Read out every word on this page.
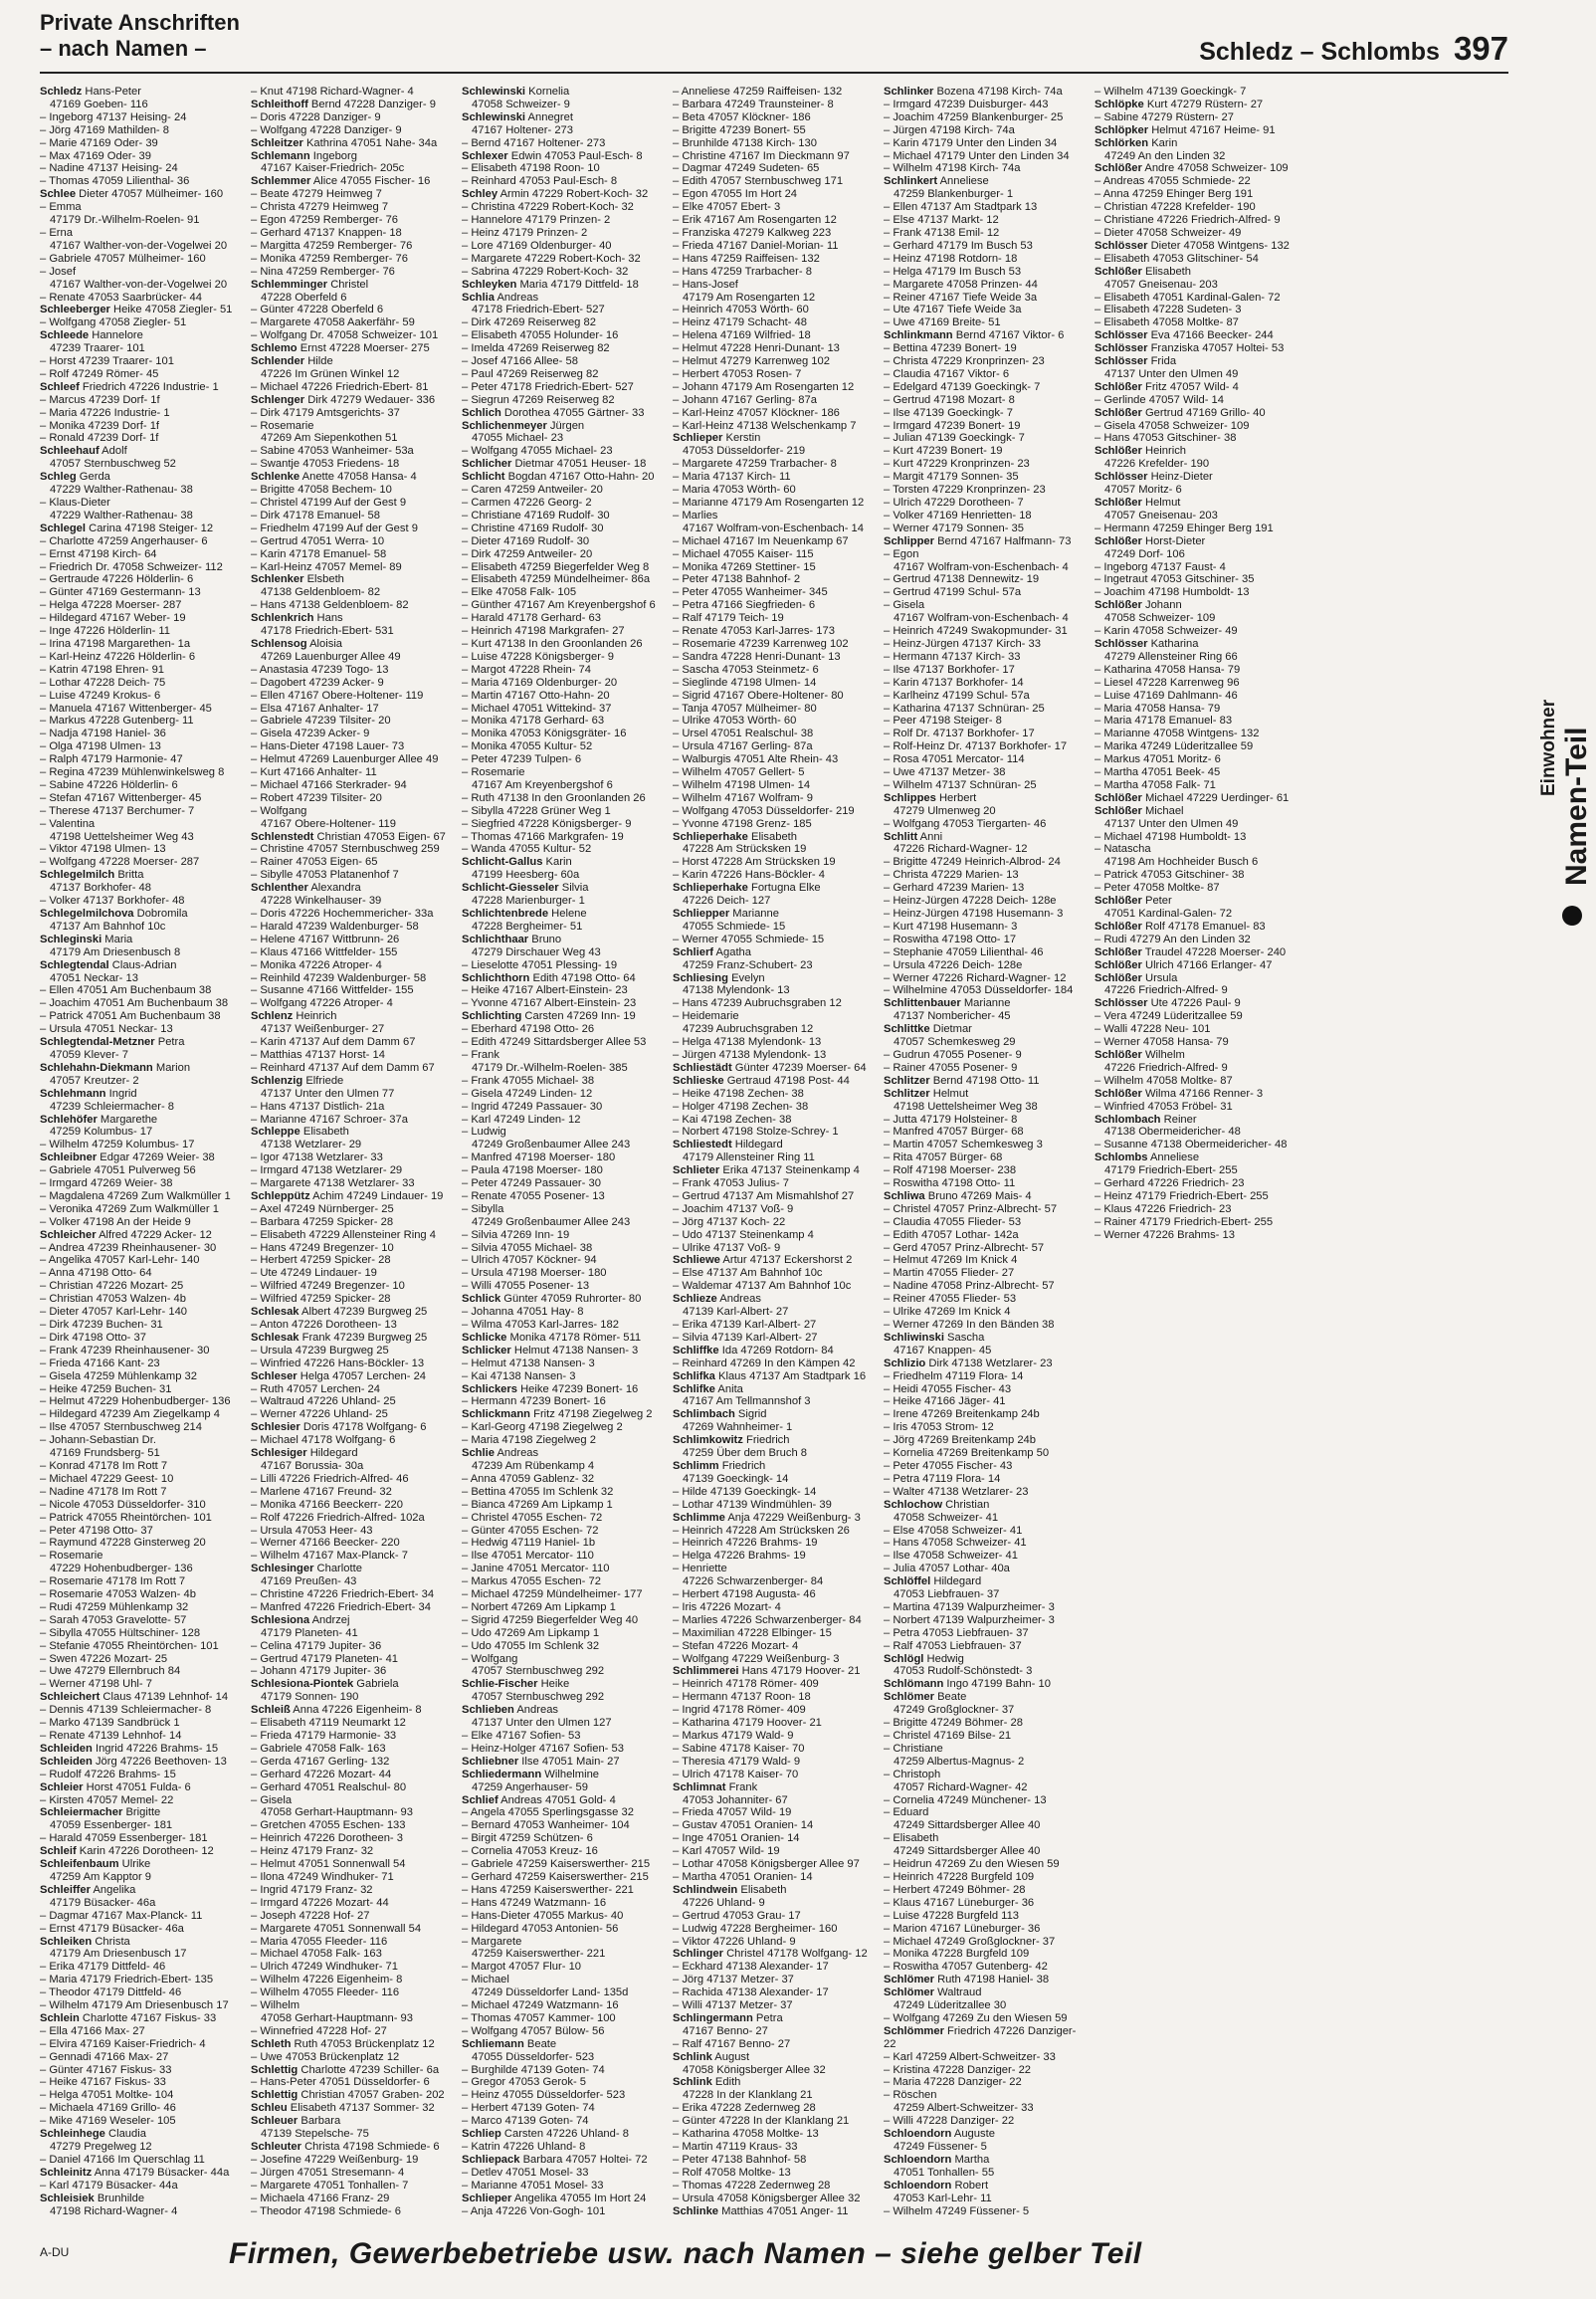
Private Anschriften
– nach Namen –	Schledz – Schlombs 397

Schledz Hans-Peter

47169 Goeben- 116

– Ingeborg 47137 Heising- 24

– Jörg 47169 Mathilden- 8

– Marie 47169 Oder- 39

– Max 47169 Oder- 39

– Nadine 47137 Heising- 24

– Thomas 47059 Lilienthal- 36

Schlee Dieter 47057 Mülheimer- 160

– Emma

47179 Dr.-Wilhelm-Roelen- 91

– Erna

47167 Walther-von-der-Vogelwei 20

– Gabriele 47057 Mülheimer- 160

– Josef

47167 Walther-von-der-Vogelwei 20

– Renate 47053 Saarbrücker- 44

Schleeberger Heike 47058 Ziegler- 51

– Wolfgang 47058 Ziegler- 51

Schleede Hannelore

47239 Traarer- 101

– Horst 47239 Traarer- 101

– Rolf 47249 Römer- 45

Schleef Friedrich 47226 Industrie- 1

– Marcus 47239 Dorf- 1f

– Maria 47226 Industrie- 1

– Monika 47239 Dorf- 1f

– Ronald 47239 Dorf- 1f

Schleehauf Adolf

47057 Sternbuschweg 52

Schleg Gerda

47229 Walther-Rathenau- 38

– Klaus-Dieter

47229 Walther-Rathenau- 38

Schlegel Carina 47198 Steiger- 12

– Charlotte 47259 Angerhauser- 6

– Ernst 47198 Kirch- 64

– Friedrich Dr. 47058 Schweizer- 112

– Gertraude 47226 Hölderlin- 6

– Günter 47169 Gestermann- 13

– Helga 47228 Moerser- 287

– Hildegard 47167 Weber- 19

– Inge 47226 Hölderlin- 11

– Irina 47198 Margarethen- 1a

– Karl-Heinz 47226 Hölderlin- 6

– Katrin 47198 Ehren- 91

– Lothar 47228 Deich- 75

– Luise 47249 Krokus- 6

– Manuela 47167 Wittenberger- 45

– Markus 47228 Gutenberg- 11

– Nadja 47198 Haniel- 36

– Olga 47198 Ulmen- 13

– Ralph 47179 Harmonie- 47

– Regina 47239 Mühlenwinkelsweg 8

– Sabine 47226 Hölderlin- 6

– Stefan 47167 Wittenberger- 45

– Therese 47137 Berchumer- 7

– Valentina

47198 Uettelsheimer Weg 43

– Viktor 47198 Ulmen- 13

– Wolfgang 47228 Moerser- 287

Schlegelmilch Britta

47137 Borkhofer- 48

– Volker 47137 Borkhofer- 48

Schlegelmilchova Dobromila

47137 Am Bahnhof 10c

Schleginski Maria

47179 Am Driesenbusch 8

Schlegtendal Claus-Adrian

47051 Neckar- 13

– Ellen 47051 Am Buchenbaum 38

– Joachim 47051 Am Buchenbaum 38

– Patrick 47051 Am Buchenbaum 38

– Ursula 47051 Neckar- 13

Schlegtendal-Metzner Petra

47059 Klever- 7

Schlehahn-Diekmann Marion

47057 Kreutzer- 2

Schlehmann Ingrid

47239 Schleiermacher- 8

Schlehöfer Margarethe

47259 Kolumbus- 17

– Wilhelm 47259 Kolumbus- 17

Schleibner Edgar 47269 Weier- 38

– Gabriele 47051 Pulverweg 56

– Irmgard 47269 Weier- 38

– Magdalena 47269 Zum Walkmüller 1

– Veronika 47269 Zum Walkmüller 1

– Volker 47198 An der Heide 9

Schleicher Alfred 47229 Acker- 12

– Andrea 47239 Rheinhausener- 30

– Angelika 47057 Karl-Lehr- 140

– Anna 47198 Otto- 64

– Christian 47226 Mozart- 25

– Christian 47053 Walzen- 4b

– Dieter 47057 Karl-Lehr- 140

– Dirk 47239 Buchen- 31

– Dirk 47198 Otto- 37

– Frank 47239 Rheinhausener- 30

– Frieda 47166 Kant- 23

– Gisela 47259 Mühlenkamp 32

– Heike 47259 Buchen- 31

– Helmut 47229 Hohenbudberger- 136

– Hildegard 47239 Am Ziegelkamp 4

– Ilse 47057 Sternbuschweg 214

– Johann-Sebastian Dr.

47169 Frundsberg- 51

– Konrad 47178 Im Rott 7

– Michael 47229 Geest- 10

– Nadine 47178 Im Rott 7

– Nicole 47053 Düsseldorfer- 310

– Patrick 47055 Rheintörchen- 101

– Peter 47198 Otto- 37

– Raymund 47228 Ginsterweg 20

– Rosemarie

47229 Hohenbudberger- 136

– Rosemarie 47178 Im Rott 7

– Rosemarie 47053 Walzen- 4b

– Rudi 47259 Mühlenkamp 32

– Sarah 47053 Gravelotte- 57

– Sibylla 47055 Hültschiner- 128

– Stefanie 47055 Rheintörchen- 101

– Swen 47226 Mozart- 25

– Uwe 47279 Ellernbruch 84

– Werner 47198 Uhl- 7

Schleichert Claus 47139 Lehnhof- 14

– Dennis 47139 Schleiermacher- 8

– Marko 47139 Sandbrück 1

– Renate 47139 Lehnhof- 14

Schleiden Ingrid 47226 Brahms- 15

Schleiden Jörg 47226 Beethoven- 13

– Rudolf 47226 Brahms- 15

Schleier Horst 47051 Fulda- 6

– Kirsten 47057 Memel- 22

Schleiermacher Brigitte

47059 Essenberger- 181

– Harald 47059 Essenberger- 181

Schleif Karin 47226 Dorotheen- 12

Schleifenbaum Ulrike

47259 Am Kapptor 9

Schleiffer Angelika

47179 Büsacker- 46a

– Dagmar 47167 Max-Planck- 11

– Ernst 47179 Büsacker- 46a

Schleiken Christa

47179 Am Driesenbusch 17

– Erika 47179 Dittfeld- 46

– Maria 47179 Friedrich-Ebert- 135

– Theodor 47179 Dittfeld- 46

– Wilhelm 47179 Am Driesenbusch 17

Schlein Charlotte 47167 Fiskus- 33

– Ella 47166 Max- 27

– Elvira 47169 Kaiser-Friedrich- 4

– Gennadi 47166 Max- 27

– Günter 47167 Fiskus- 33

– Heike 47167 Fiskus- 33

– Helga 47051 Moltke- 104

– Michaela 47169 Grillo- 46

– Mike 47169 Weseler- 105

Schleinhege Claudia

47279 Pregelweg 12

– Daniel 47166 Im Querschlag 11

Schleinitz Anna 47179 Büsacker- 44a

– Karl 47179 Büsacker- 44a

Schleisiek Brunhilde

47198 Richard-Wagner- 4

– Knut 47198 Richard-Wagner- 4

Schleithoff Bernd 47228 Danziger- 9

– Doris 47228 Danziger- 9

– Wolfgang 47228 Danziger- 9

Schleitzer Kathrina 47051 Nahe- 34a

Schlemann Ingeborg

47167 Kaiser-Friedrich- 205c

Schlemmer Alice 47055 Fischer- 16

– Beate 47279 Heimweg 7

– Christa 47279 Heimweg 7

– Egon 47259 Remberger- 76

– Gerhard 47137 Knappen- 18

– Margitta 47259 Remberger- 76

– Monika 47259 Remberger- 76

– Nina 47259 Remberger- 76

Schlemminger Christel

47228 Oberfeld 6

– Günter 47228 Oberfeld 6

– Margarete 47058 Aakerfähr- 59

– Wolfgang Dr. 47058 Schweizer- 101

Schlemo Ernst 47228 Moerser- 275

Schlender Hilde

47226 Im Grünen Winkel 12

– Michael 47226 Friedrich-Ebert- 81

Schlenger Dirk 47279 Wedauer- 336

– Dirk 47179 Amtsgerichts- 37

– Rosemarie

47269 Am Siepenkothen 51

– Sabine 47053 Wanheimer- 53a

– Swantje 47053 Friedens- 18

Schlenke Anette 47058 Hansa- 4

– Brigitte 47058 Bechem- 10

– Christel 47199 Auf der Gest 9

– Dirk 47178 Emanuel- 58

– Friedhelm 47199 Auf der Gest 9

– Gertrud 47051 Werra- 10

– Karin 47178 Emanuel- 58

– Karl-Heinz 47057 Memel- 89

Schlenker Elsbeth

47138 Geldenbloem- 82

– Hans 47138 Geldenbloem- 82

Schlenkrich Hans

47178 Friedrich-Ebert- 531

Schlensog Aloisia

47269 Lauenburger Allee 49

– Anastasia 47239 Togo- 13

– Dagobert 47239 Acker- 9

– Ellen 47167 Obere-Holtener- 119

– Elsa 47167 Anhalter- 17

– Gabriele 47239 Tilsiter- 20

– Gisela 47239 Acker- 9

– Hans-Dieter 47198 Lauer- 73

– Helmut 47269 Lauenburger Allee 49

– Kurt 47166 Anhalter- 11

– Michael 47166 Sterkrader- 94

– Robert 47239 Tilsiter- 20

– Wolfgang

47167 Obere-Holtener- 119

Schlenstedt Christian 47053 Eigen- 67

– Christine 47057 Sternbuschweg 259

– Rainer 47053 Eigen- 65

– Sibylle 47053 Platanenhof 7

Schlenther Alexandra

47228 Winkelhauser- 39

– Doris 47226 Hochemmericher- 33a

– Harald 47239 Waldenburger- 58

– Helene 47167 Wittbrunn- 26

– Klaus 47166 Wittfelder- 155

– Monika 47226 Atroper- 4

– Reinhild 47239 Waldenburger- 58

– Susanne 47166 Wittfelder- 155

– Wolfgang 47226 Atroper- 4

Schlenz Heinrich

47137 Weißenburger- 27

– Karin 47137 Auf dem Damm 67

– Matthias 47137 Horst- 14

– Reinhard 47137 Auf dem Damm 67

Schlenzig Elfriede

47137 Unter den Ulmen 77

– Hans 47137 Distlich- 21a

– Marianne 47167 Schroer- 37a

Schleppe Elisabeth

47138 Wetzlarer- 29

– Igor 47138 Wetzlarer- 33

– Irmgard 47138 Wetzlarer- 29

– Margarete 47138 Wetzlarer- 33

Schleppütz Achim 47249 Lindauer- 19

– Axel 47249 Nürnberger- 25

– Barbara 47259 Spicker- 28

– Elisabeth 47229 Allensteiner Ring 4

– Hans 47249 Bregenzer- 10

– Herbert 47259 Spicker- 28

– Ute 47249 Lindauer- 19

– Wilfried 47249 Bregenzer- 10

– Wilfried 47259 Spicker- 28

Schlesak Albert 47239 Burgweg 25

– Anton 47226 Dorotheen- 13

Schlesak Frank 47239 Burgweg 25

– Ursula 47239 Burgweg 25

– Winfried 47226 Hans-Böckler- 13

Schleser Helga 47057 Lerchen- 24

– Ruth 47057 Lerchen- 24

– Waltraud 47226 Uhland- 25

– Werner 47226 Uhland- 25

Schlesier Doris 47178 Wolfgang- 6

– Michael 47178 Wolfgang- 6

Schlesiger Hildegard

47167 Borussia- 30a

– Lilli 47226 Friedrich-Alfred- 46

– Marlene 47167 Freund- 32

– Monika 47166 Beeckerr- 220

– Rolf 47226 Friedrich-Alfred- 102a

– Ursula 47053 Heer- 43

– Werner 47166 Beecker- 220

– Wilhelm 47167 Max-Planck- 7

Schlesinger Charlotte

47169 Preußen- 43

– Christine 47226 Friedrich-Ebert- 34

– Manfred 47226 Friedrich-Ebert- 34

Schlesiona Andrzej

47179 Planeten- 41

– Celina 47179 Jupiter- 36

– Gertrud 47179 Planeten- 41

– Johann 47179 Jupiter- 36

Schlesiona-Piontek Gabriela

47179 Sonnen- 190

Schleiß Anna 47226 Eigenheim- 8

– Elisabeth 47119 Neumarkt 12

– Frieda 47179 Harmonie- 33

– Gabriele 47058 Falk- 163

– Gerda 47167 Gerling- 132

– Gerhard 47226 Mozart- 44

– Gerhard 47051 Realschul- 80

– Gisela

47058 Gerhart-Hauptmann- 93

– Gretchen 47055 Eschen- 133

– Heinrich 47226 Dorotheen- 3

– Heinz 47179 Franz- 32

– Helmut 47051 Sonnenwall 54

– Ilona 47249 Windhuker- 71

– Ingrid 47179 Franz- 32

– Irmgard 47226 Mozart- 44

– Joseph 47228 Hof- 27

– Margarete 47051 Sonnenwall 54

– Maria 47055 Fleeder- 116

– Michael 47058 Falk- 163

– Ulrich 47249 Windhuker- 71

– Wilhelm 47226 Eigenheim- 8

– Wilhelm 47055 Fleeder- 116

– Wilhelm

47058 Gerhart-Hauptmann- 93

– Winnefried 47228 Hof- 27

Schleth Ruth 47053 Brückenplatz 12

– Uwe 47053 Brückenplatz 12

Schlettig Charlotte 47239 Schiller- 6a

– Hans-Peter 47051 Düsseldorfer- 6

Schlettig Christian 47057 Graben- 202

Schleu Elisabeth 47137 Sommer- 32

Schleuer Barbara

47139 Stepelsche- 75

Schleuter Christa 47198 Schmiede- 6

– Josefine 47229 Weißenburg- 19

– Jürgen 47051 Stresemann- 4

– Margarete 47051 Tonhallen- 7

– Michaela 47166 Franz- 29

– Theodor 47198 Schmiede- 6

Schlewinski Kornelia

47058 Schweizer- 9

Schlewinski Annegret

47167 Holtener- 273

– Bernd 47167 Holtener- 273

Schlexer Edwin 47053 Paul-Esch- 8

– Elisabeth 47198 Roon- 10

– Reinhard 47053 Paul-Esch- 8

Schley Armin 47229 Robert-Koch- 32

– Christina 47229 Robert-Koch- 32

– Hannelore 47179 Prinzen- 2

– Heinz 47179 Prinzen- 2

– Lore 47169 Oldenburger- 40

– Margarete 47229 Robert-Koch- 32

– Sabrina 47229 Robert-Koch- 32

Schleyken Maria 47179 Dittfeld- 18

Schlia Andreas

47178 Friedrich-Ebert- 527

– Dirk 47269 Reiserweg 82

– Elisabeth 47055 Holunder- 16

– Imelda 47269 Reiserweg 82

– Josef 47166 Allee- 58

– Paul 47269 Reiserweg 82

– Peter 47178 Friedrich-Ebert- 527

– Siegrun 47269 Reiserweg 82

Schlich Dorothea 47055 Gärtner- 33

Schlichenmeyer Jürgen

47055 Michael- 23

– Wolfgang 47055 Michael- 23

Schlicher Dietmar 47051 Heuser- 18

Schlicht Bogdan 47167 Otto-Hahn- 20

– Caren 47259 Antweiler- 20

– Carmen 47226 Georg- 2

– Christiane 47169 Rudolf- 30

– Christine 47169 Rudolf- 30

– Dieter 47169 Rudolf- 30

– Dirk 47259 Antweiler- 20

– Elisabeth 47259 Biegerfelder Weg 8

– Elisabeth 47259 Mündelheimer- 86a

– Elke 47058 Falk- 105

– Günther 47167 Am Kreyenbergshof 6

– Harald 47178 Gerhard- 63

– Heinrich 47198 Markgrafen- 27

– Kurt 47138 In den Groonlanden 26

– Luise 47228 Königsberger- 9

– Margot 47228 Rhein- 74

– Maria 47169 Oldenburger- 20

– Martin 47167 Otto-Hahn- 20

– Michael 47051 Wittekind- 37

– Monika 47178 Gerhard- 63

– Monika 47053 Königsgräter- 16

– Monika 47055 Kultur- 52

– Peter 47239 Tulpen- 6

– Rosemarie

47167 Am Kreyenbergshof 6

– Ruth 47138 In den Groonlanden 26

– Sibylla 47228 Grüner Weg 1

– Siegfried 47228 Königsberger- 9

– Thomas 47166 Markgrafen- 19

– Wanda 47055 Kultur- 52

Schlicht-Gallus Karin

47199 Heesberg- 60a

Schlicht-Giesseler Silvia

47228 Marienburger- 1

Schlichtenbrede Helene

47228 Bergheimer- 51

Schlichthaar Bruno

47279 Dirschauer Weg 43

– Lieselotte 47051 Plessing- 19

Schlichthorn Edith 47198 Otto- 64

– Heike 47167 Albert-Einstein- 23

– Yvonne 47167 Albert-Einstein- 23

Schlichting Carsten 47269 Inn- 19

– Eberhard 47198 Otto- 26

– Edith 47249 Sittardsberger Allee 53

– Frank

47179 Dr.-Wilhelm-Roelen- 385

– Frank 47055 Michael- 38

– Gisela 47249 Linden- 12

– Ingrid 47249 Passauer- 30

– Karl 47249 Linden- 12

– Ludwig

47249 Großenbaumer Allee 243

– Manfred 47198 Moerser- 180

– Paula 47198 Moerser- 180

– Peter 47249 Passauer- 30

– Renate 47055 Posener- 13

– Sibylla

47249 Großenbaumer Allee 243

– Silvia 47269 Inn- 19

– Silvia 47055 Michael- 38

– Ulrich 47057 Köckner- 94

– Ursula 47198 Moerser- 180

– Willi 47055 Posener- 13

Schlick Günter 47059 Ruhrorter- 80

– Johanna 47051 Hay- 8

– Wilma 47053 Karl-Jarres- 182

Schlicke Monika 47178 Römer- 511

Schlicker Helmut 47138 Nansen- 3

– Helmut 47138 Nansen- 3

– Kai 47138 Nansen- 3

Schlickers Heike 47239 Bonert- 16

– Hermann 47239 Bonert- 16

Schlickmann Fritz 47198 Ziegelweg 2

– Karl-Georg 47198 Ziegelweg 2

– Maria 47198 Ziegelweg 2

Schlie Andreas

47239 Am Rübenkamp 4

– Anna 47059 Gablenz- 32

– Bettina 47055 Im Schlenk 32

– Bianca 47269 Am Lipkamp 1

– Christel 47055 Eschen- 72

– Günter 47055 Eschen- 72

– Hedwig 47119 Haniel- 1b

– Ilse 47051 Mercator- 110

– Janine 47051 Mercator- 110

– Markus 47055 Eschen- 72

– Michael 47259 Mündelheimer- 177

– Norbert 47269 Am Lipkamp 1

– Sigrid 47259 Biegerfelder Weg 40

– Udo 47269 Am Lipkamp 1

– Udo 47055 Im Schlenk 32

– Wolfgang

47057 Sternbuschweg 292

Schlie-Fischer Heike

47057 Sternbuschweg 292

Schlieben Andreas

47137 Unter den Ulmen 127

– Elke 47167 Sofien- 53

– Heinz-Holger 47167 Sofien- 53

Schliebner Ilse 47051 Main- 27

Schliedermann Wilhelmine

47259 Angerhauser- 59

Schlief Andreas 47051 Gold- 4

– Angela 47055 Sperlingsgasse 32

– Bernard 47053 Wanheimer- 104

– Birgit 47259 Schützen- 6

– Cornelia 47053 Kreuz- 16

– Gabriele 47259 Kaiserswerther- 215

– Gerhard 47259 Kaiserswerther- 215

– Hans 47259 Kaiserswerther- 221

– Hans 47249 Watzmann- 16

– Hans-Dieter 47055 Markus- 40

– Hildegard 47053 Antonien- 56

– Margarete

47259 Kaiserswerther- 221

– Margot 47057 Flur- 10

– Michael

47249 Düsseldorfer Land- 135d

– Michael 47249 Watzmann- 16

– Thomas 47057 Kammer- 100

– Wolfgang 47057 Bülow- 56

Schliemann Beate

47055 Düsseldorfer- 523

– Burghilde 47139 Goten- 74

– Gregor 47053 Gerok- 5

– Heinz 47055 Düsseldorfer- 523

– Herbert 47139 Goten- 74

– Marco 47139 Goten- 74

Schliep Carsten 47226 Uhland- 8

– Katrin 47226 Uhland- 8

Schliepack Barbara 47057 Holtei- 72

– Detlev 47051 Mosel- 33

– Marianne 47051 Mosel- 33

Schlieper Angelika 47055 Im Hort 24

– Anja 47226 Von-Gogh- 101

– Anneliese 47259 Raiffeisen- 132

– Barbara 47249 Traunsteiner- 8

– Beta 47057 Klöckner- 186

– Brigitte 47239 Bonert- 55

– Brunhilde 47138 Kirch- 130

– Christine 47167 Im Dieckmann 97

– Dagmar 47249 Sudeten- 65

– Edith 47057 Sternbuschweg 171

– Egon 47055 Im Hort 24

– Elke 47057 Ebert- 3

– Erik 47167 Am Rosengarten 12

– Franziska 47279 Kalkweg 223

– Frieda 47167 Daniel-Morian- 11

– Hans 47259 Raiffeisen- 132

– Hans 47259 Trarbacher- 8

– Hans-Josef

47179 Am Rosengarten 12

– Heinrich 47053 Wörth- 60

– Heinz 47179 Schacht- 48

– Helena 47169 Wilfried- 18

– Helmut 47228 Henri-Dunant- 13

– Helmut 47279 Karrenweg 102

– Herbert 47053 Rosen- 7

– Johann 47179 Am Rosengarten 12

– Johann 47167 Gerling- 87a

– Karl-Heinz 47057 Klöckner- 186

– Karl-Heinz 47138 Welschenkamp 7

Schlieper Kerstin

47053 Düsseldorfer- 219

– Margarete 47259 Trarbacher- 8

– Maria 47137 Kirch- 11

– Maria 47053 Wörth- 60

– Marianne 47179 Am Rosengarten 12

– Marlies

47167 Wolfram-von-Eschenbach- 14

– Michael 47167 Im Neuenkamp 67

– Michael 47055 Kaiser- 115

– Monika 47269 Stettiner- 15

– Peter 47138 Bahnhof- 2

– Peter 47055 Wanheimer- 345

– Petra 47166 Siegfrieden- 6

– Ralf 47179 Teich- 19

– Renate 47053 Karl-Jarres- 173

– Rosemarie 47239 Karrenweg 102

– Sandra 47228 Henri-Dunant- 13

– Sascha 47053 Steinmetz- 6

– Sieglinde 47198 Ulmen- 14

– Sigrid 47167 Obere-Holtener- 80

– Tanja 47057 Mülheimer- 80

– Ulrike 47053 Wörth- 60

– Ursel 47051 Realschul- 38

– Ursula 47167 Gerling- 87a

– Walburgis 47051 Alte Rhein- 43

– Wilhelm 47057 Gellert- 5

– Wilhelm 47198 Ulmen- 14

– Wilhelm 47167 Wolfram- 9

– Wolfgang 47053 Düsseldorfer- 219

– Yvonne 47198 Grenz- 185

Schlieperhake Elisabeth

47228 Am Strücksken 19

– Horst 47228 Am Strücksken 19

– Karin 47226 Hans-Böckler- 4

Schlieperhake Fortugna Elke

47226 Deich- 127

Schliepper Marianne

47055 Schmiede- 15

– Werner 47055 Schmiede- 15

Schlierf Agatha

47259 Franz-Schubert- 23

Schliesing Evelyn

47138 Mylendonk- 13

– Hans 47239 Aubruchsgraben 12

– Heidemarie

47239 Aubruchsgraben 12

– Helga 47138 Mylendonk- 13

– Jürgen 47138 Mylendonk- 13

Schliestädt Günter 47239 Moerser- 64

Schlieske Gertraud 47198 Post- 44

– Heike 47198 Zechen- 38

– Holger 47198 Zechen- 38

– Kai 47198 Zechen- 38

– Norbert 47198 Stolze-Schrey- 1

Schliestedt Hildegard

47179 Allensteiner Ring 11

Schlieter Erika 47137 Steinenkamp 4

– Frank 47053 Julius- 7

– Gertrud 47137 Am Mismahlshof 27

– Joachim 47137 Voß- 9

– Jörg 47137 Koch- 22

– Udo 47137 Steinenkamp 4

– Ulrike 47137 Voß- 9

Schliewe Artur 47137 Eckershorst 2

– Else 47137 Am Bahnhof 10c

– Waldemar 47137 Am Bahnhof 10c

Schlieze Andreas

47139 Karl-Albert- 27

– Erika 47139 Karl-Albert- 27

– Silvia 47139 Karl-Albert- 27

Schliffke Ida 47269 Rotdorn- 84

– Reinhard 47269 In den Kämpen 42

Schlifka Klaus 47137 Am Stadtpark 16

Schlifke Anita

47167 Am Tellmannshof 3

Schlimbach Sigrid

47269 Wahnheimer- 1

Schlimkowitz Friedrich

47259 Über dem Bruch 8

Schlimm Friedrich

47139 Goeckingk- 14

– Hilde 47139 Goeckingk- 14

– Lothar 47139 Windmühlen- 39

Schlimme Anja 47229 Weißenburg- 3

– Heinrich 47228 Am Strücksken 26

– Heinrich 47226 Brahms- 19

– Helga 47226 Brahms- 19

– Henriette

47226 Schwarzenberger- 84

– Herbert 47198 Augusta- 46

– Iris 47226 Mozart- 4

– Marlies 47226 Schwarzenberger- 84

– Maximilian 47228 Elbinger- 15

– Stefan 47226 Mozart- 4

– Wolfgang 47229 Weißenburg- 3

Schlimmerei Hans 47179 Hoover- 21

– Heinrich 47178 Römer- 409

– Hermann 47137 Roon- 18

– Ingrid 47178 Römer- 409

– Katharina 47179 Hoover- 21

– Markus 47179 Wald- 9

– Sabine 47178 Kaiser- 70

– Theresia 47179 Wald- 9

– Ulrich 47178 Kaiser- 70

Schlimnat Frank

47053 Johanniter- 67

– Frieda 47057 Wild- 19

– Gustav 47051 Oranien- 14

– Inge 47051 Oranien- 14

– Karl 47057 Wild- 19

– Lothar 47058 Königsberger Allee 97

– Martha 47051 Oranien- 14

Schlindwein Elisabeth

47226 Uhland- 9

– Gertrud 47053 Grau- 17

– Ludwig 47228 Bergheimer- 160

– Viktor 47226 Uhland- 9

Schlinger Christel 47178 Wolfgang- 12

– Eckhard 47138 Alexander- 17

– Jörg 47137 Metzer- 37

– Rachida 47138 Alexander- 17

– Willi 47137 Metzer- 37

Schlingermann Petra

47167 Benno- 27

– Ralf 47167 Benno- 27

Schlink August

47058 Königsberger Allee 32

Schlink Edith

47228 In der Klanklang 21

– Erika 47228 Zedernweg 28

– Günter 47228 In der Klanklang 21

– Katharina 47058 Moltke- 13

– Martin 47119 Kraus- 33

– Peter 47138 Bahnhof- 58

– Rolf 47058 Moltke- 13

– Thomas 47228 Zedernweg 28

– Ursula 47058 Königsberger Allee 32

Schlinke Matthias 47051 Anger- 11

Schlinker Bozena 47198 Kirch- 74a

– Irmgard 47239 Duisburger- 443

– Joachim 47259 Blankenburger- 25

– Jürgen 47198 Kirch- 74a

– Karin 47179 Unter den Linden 34

– Michael 47179 Unter den Linden 34

– Wilhelm 47198 Kirch- 74a

Schlinkert Anneliese

47259 Blankenburger- 1

– Ellen 47137 Am Stadtpark 13

– Else 47137 Markt- 12

– Frank 47138 Emil- 12

– Gerhard 47179 Im Busch 53

– Heinz 47198 Rotdorn- 18

– Helga 47179 Im Busch 53

– Margarete 47058 Prinzen- 44

– Reiner 47167 Tiefe Weide 3a

– Ute 47167 Tiefe Weide 3a

– Uwe 47169 Breite- 51

Schlinkmann Bernd 47167 Viktor- 6

– Bettina 47239 Bonert- 19

– Christa 47229 Kronprinzen- 23

– Claudia 47167 Viktor- 6

– Edelgard 47139 Goeckingk- 7

– Gertrud 47198 Mozart- 8

– Ilse 47139 Goeckingk- 7

– Irmgard 47239 Bonert- 19

– Julian 47139 Goeckingk- 7

– Kurt 47239 Bonert- 19

– Kurt 47229 Kronprinzen- 23

– Margit 47179 Sonnen- 35

– Torsten 47229 Kronprinzen- 23

– Ulrich 47229 Dorotheen- 7

– Volker 47169 Henrietten- 18

– Werner 47179 Sonnen- 35

Schlipper Bernd 47167 Halfmann- 73

– Egon

47167 Wolfram-von-Eschenbach- 4

– Gertrud 47138 Dennewitz- 19

– Gertrud 47199 Schul- 57a

– Gisela

47167 Wolfram-von-Eschenbach- 4

– Heinrich 47249 Swakopmunder- 31

– Heinz-Jürgen 47137 Kirch- 33

– Hermann 47137 Kirch- 33

– Ilse 47137 Borkhofer- 17

– Karin 47137 Borkhofer- 14

– Karlheinz 47199 Schul- 57a

– Katharina 47137 Schnüran- 25

– Peer 47198 Steiger- 8

– Rolf Dr. 47137 Borkhofer- 17

– Rolf-Heinz Dr. 47137 Borkhofer- 17

– Rosa 47051 Mercator- 114

– Uwe 47137 Metzer- 38

– Wilhelm 47137 Schnüran- 25

Schlippes Herbert

47279 Ulmenweg 20

– Wolfgang 47053 Tiergarten- 46

Schlitt Anni

47226 Richard-Wagner- 12

– Brigitte 47249 Heinrich-Albrod- 24

– Christa 47229 Marien- 13

– Gerhard 47239 Marien- 13

– Heinz-Jürgen 47228 Deich- 128e

– Heinz-Jürgen 47198 Husemann- 3

– Kurt 47198 Husemann- 3

– Roswitha 47198 Otto- 17

– Stephanie 47059 Lilienthal- 46

– Ursula 47226 Deich- 128e

– Werner 47226 Richard-Wagner- 12

– Wilhelmine 47053 Düsseldorfer- 184

Schlittenbauer Marianne

47137 Nombericher- 45

Schlittke Dietmar

47057 Schemkesweg 29

– Gudrun 47055 Posener- 9

– Rainer 47055 Posener- 9

Schlitzer Bernd 47198 Otto- 11

Schlitzer Helmut

47198 Uettelsheimer Weg 38

– Jutta 47179 Holsteiner- 8

– Manfred 47057 Bürger- 68

– Martin 47057 Schemkesweg 3

– Rita 47057 Bürger- 68

– Rolf 47198 Moerser- 238

– Roswitha 47198 Otto- 11

Schliwa Bruno 47269 Mais- 4

– Christel 47057 Prinz-Albrecht- 57

– Claudia 47055 Flieder- 53

– Edith 47057 Lothar- 142a

– Gerd 47057 Prinz-Albrecht- 57

– Helmut 47269 Im Knick 4

– Martin 47055 Flieder- 27

– Nadine 47058 Prinz-Albrecht- 57

– Reiner 47055 Flieder- 53

– Ulrike 47269 Im Knick 4

– Werner 47269 In den Bänden 38

Schliwinski Sascha

47167 Knappen- 45

Schlizio Dirk 47138 Wetzlarer- 23

– Friedhelm 47119 Flora- 14

– Heidi 47055 Fischer- 43

– Heike 47166 Jäger- 41

– Irene 47269 Breitenkamp 24b

– Iris 47053 Strom- 12

– Jörg 47269 Breitenkamp 24b

– Kornelia 47269 Breitenkamp 50

– Peter 47055 Fischer- 43

– Petra 47119 Flora- 14

– Walter 47138 Wetzlarer- 23

Schlochow Christian

47058 Schweizer- 41

– Else 47058 Schweizer- 41

– Hans 47058 Schweizer- 41

– Ilse 47058 Schweizer- 41

– Julia 47057 Lothar- 40a

Schlöffel Hildegard

47053 Liebfrauen- 37

– Martina 47139 Walpurzheimer- 3

– Norbert 47139 Walpurzheimer- 3

– Petra 47053 Liebfrauen- 37

– Ralf 47053 Liebfrauen- 37

Schlögl Hedwig

47053 Rudolf-Schönstedt- 3

Schlömann Ingo 47199 Bahn- 10

Schlömer Beate

47249 Großglockner- 37

– Brigitte 47249 Böhmer- 28

– Christel 47169 Bilse- 21

– Christiane

47259 Albertus-Magnus- 2

– Christoph

47057 Richard-Wagner- 42

– Cornelia 47249 Münchener- 13

– Eduard

47249 Sittardsberger Allee 40

– Elisabeth

47249 Sittardsberger Allee 40

– Heidrun 47269 Zu den Wiesen 59

– Heinrich 47228 Burgfeld 109

– Herbert 47249 Böhmer- 28

– Klaus 47167 Lüneburger- 36

– Luise 47228 Burgfeld 113

– Marion 47167 Lüneburger- 36

– Michael 47249 Großglockner- 37

– Monika 47228 Burgfeld 109

– Roswitha 47057 Gutenberg- 42

Schlömer Ruth 47198 Haniel- 38

Schlömer Waltraud

47249 Lüderitzallee 30

– Wolfgang 47269 Zu den Wiesen 59

Schlömmer Friedrich 47226 Danziger- 22

– Karl 47259 Albert-Schweitzer- 33

– Kristina 47228 Danziger- 22

– Maria 47228 Danziger- 22

– Röschen

47259 Albert-Schweitzer- 33

– Willi 47228 Danziger- 22

Schloendorn Auguste

47249 Füssener- 5

Schloendorn Martha

47051 Tonhallen- 55

Schloendorn Robert

47053 Karl-Lehr- 11

– Wilhelm 47249 Füssener- 5

– Wilhelm 47139 Goeckingk- 7

Schlöpke Kurt 47279 Rüstern- 27

– Sabine 47279 Rüstern- 27

Schlöpker Helmut 47167 Heime- 91

Schlörken Karin

47249 An den Linden 32

Schlößer Andre 47058 Schweizer- 109

– Andreas 47055 Schmiede- 22

– Anna 47259 Ehinger Berg 191

– Christian 47228 Krefelder- 190

– Christiane 47226 Friedrich-Alfred- 9

– Dieter 47058 Schweizer- 49

Schlösser Dieter 47058 Wintgens- 132

– Elisabeth 47053 Glitschiner- 54

Schlößer Elisabeth

47057 Gneisenau- 203

– Elisabeth 47051 Kardinal-Galen- 72

– Elisabeth 47228 Sudeten- 3

– Elisabeth 47058 Moltke- 87

Schlösser Eva 47166 Beecker- 244

Schlösser Franziska 47057 Holtei- 53

Schlösser Frida

47137 Unter den Ulmen 49

Schlößer Fritz 47057 Wild- 4

– Gerlinde 47057 Wild- 14

Schlößer Gertrud 47169 Grillo- 40

– Gisela 47058 Schweizer- 109

– Hans 47053 Gitschiner- 38

Schlößer Heinrich

47226 Krefelder- 190

Schlösser Heinz-Dieter

47057 Moritz- 6

Schlößer Helmut

47057 Gneisenau- 203

– Hermann 47259 Ehinger Berg 191

Schlößer Horst-Dieter

47249 Dorf- 106

– Ingeborg 47137 Faust- 4

– Ingetraut 47053 Gitschiner- 35

– Joachim 47198 Humboldt- 13

Schlößer Johann

47058 Schweizer- 109

– Karin 47058 Schweizer- 49

Schlösser Katharina

47279 Allensteiner Ring 66

– Katharina 47058 Hansa- 79

– Liesel 47228 Karrenweg 96

– Luise 47169 Dahlmann- 46

– Maria 47058 Hansa- 79

– Maria 47178 Emanuel- 83

– Marianne 47058 Wintgens- 132

– Marika 47249 Lüderitzallee 59

– Markus 47051 Moritz- 6

– Martha 47051 Beek- 45

– Martha 47058 Falk- 71

Schlößer Michael 47229 Uerdinger- 61

Schlößer Michael

47137 Unter den Ulmen 49

– Michael 47198 Humboldt- 13

– Natascha

47198 Am Hochheider Busch 6

– Patrick 47053 Gitschiner- 38

– Peter 47058 Moltke- 87

Schlößer Peter

47051 Kardinal-Galen- 72

Schlößer Rolf 47178 Emanuel- 83

– Rudi 47279 An den Linden 32

Schlößer Traudel 47228 Moerser- 240

Schlößer Ulrich 47166 Erlanger- 47

Schlößer Ursula

47226 Friedrich-Alfred- 9

Schlösser Ute 47226 Paul- 9

– Vera 47249 Lüderitzallee 59

– Walli 47228 Neu- 101

– Werner 47058 Hansa- 79

Schlößer Wilhelm

47226 Friedrich-Alfred- 9

– Wilhelm 47058 Moltke- 87

Schlößer Wilma 47166 Renner- 3

– Winfried 47053 Fröbel- 31

Schlombach Reiner

47138 Obermeidericher- 48

– Susanne 47138 Obermeidericher- 48

Schlombs Anneliese

47179 Friedrich-Ebert- 255

– Gerhard 47226 Friedrich- 23

– Heinz 47179 Friedrich-Ebert- 255

– Klaus 47226 Friedrich- 23

– Rainer 47179 Friedrich-Ebert- 255

– Werner 47226 Brahms- 13

Einwohner Namen-Teil
A-DU	Firmen, Gewerbebetriebe usw. nach Namen – siehe gelber Teil
